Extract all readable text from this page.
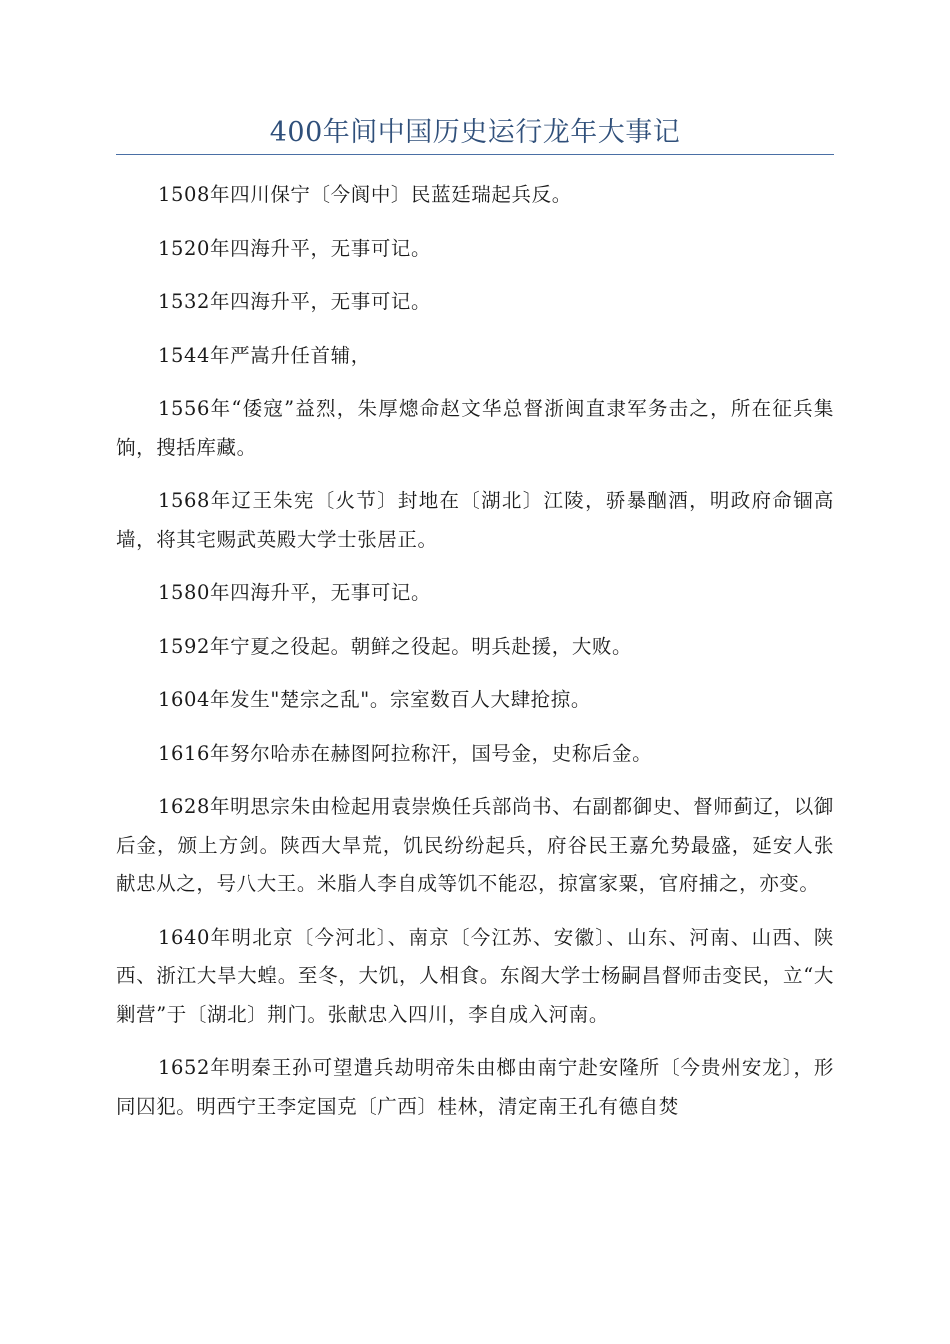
400年间中国历史运行龙年大事记

1508年四川保宁〔今阆中〕民蓝廷瑞起兵反。

1520年四海升平，无事可记。

1532年四海升平，无事可记。

1544年严嵩升任首辅，

1556年“倭寇”益烈，朱厚熜命赵文华总督浙闽直隶军务击之，所在征兵集饷，搜括库藏。

1568年辽王朱宪〔火节〕封地在〔湖北〕江陵，骄暴酗酒，明政府命锢高墙，将其宅赐武英殿大学士张居正。

1580年四海升平，无事可记。

1592年宁夏之役起。朝鲜之役起。明兵赴援，大败。

1604年发生"楚宗之乱"。宗室数百人大肆抢掠。

1616年努尔哈赤在赫图阿拉称汗，国号金，史称后金。

1628年明思宗朱由检起用袁崇焕任兵部尚书、右副都御史、督师蓟辽，以御后金，颁上方剑。陕西大旱荒，饥民纷纷起兵，府谷民王嘉允势最盛，延安人张献忠从之，号八大王。米脂人李自成等饥不能忍，掠富家粟，官府捕之，亦变。

1640年明北京〔今河北〕、南京〔今江苏、安徽〕、山东、河南、山西、陕西、浙江大旱大蝗。至冬，大饥，人相食。东阁大学士杨嗣昌督师击变民，立“大剿营”于〔湖北〕荆门。张献忠入四川，李自成入河南。

1652年明秦王孙可望遣兵劫明帝朱由榔由南宁赴安隆所〔今贵州安龙〕，形同囚犯。明西宁王李定国克〔广西〕桂林，清定南王孔有德自焚
